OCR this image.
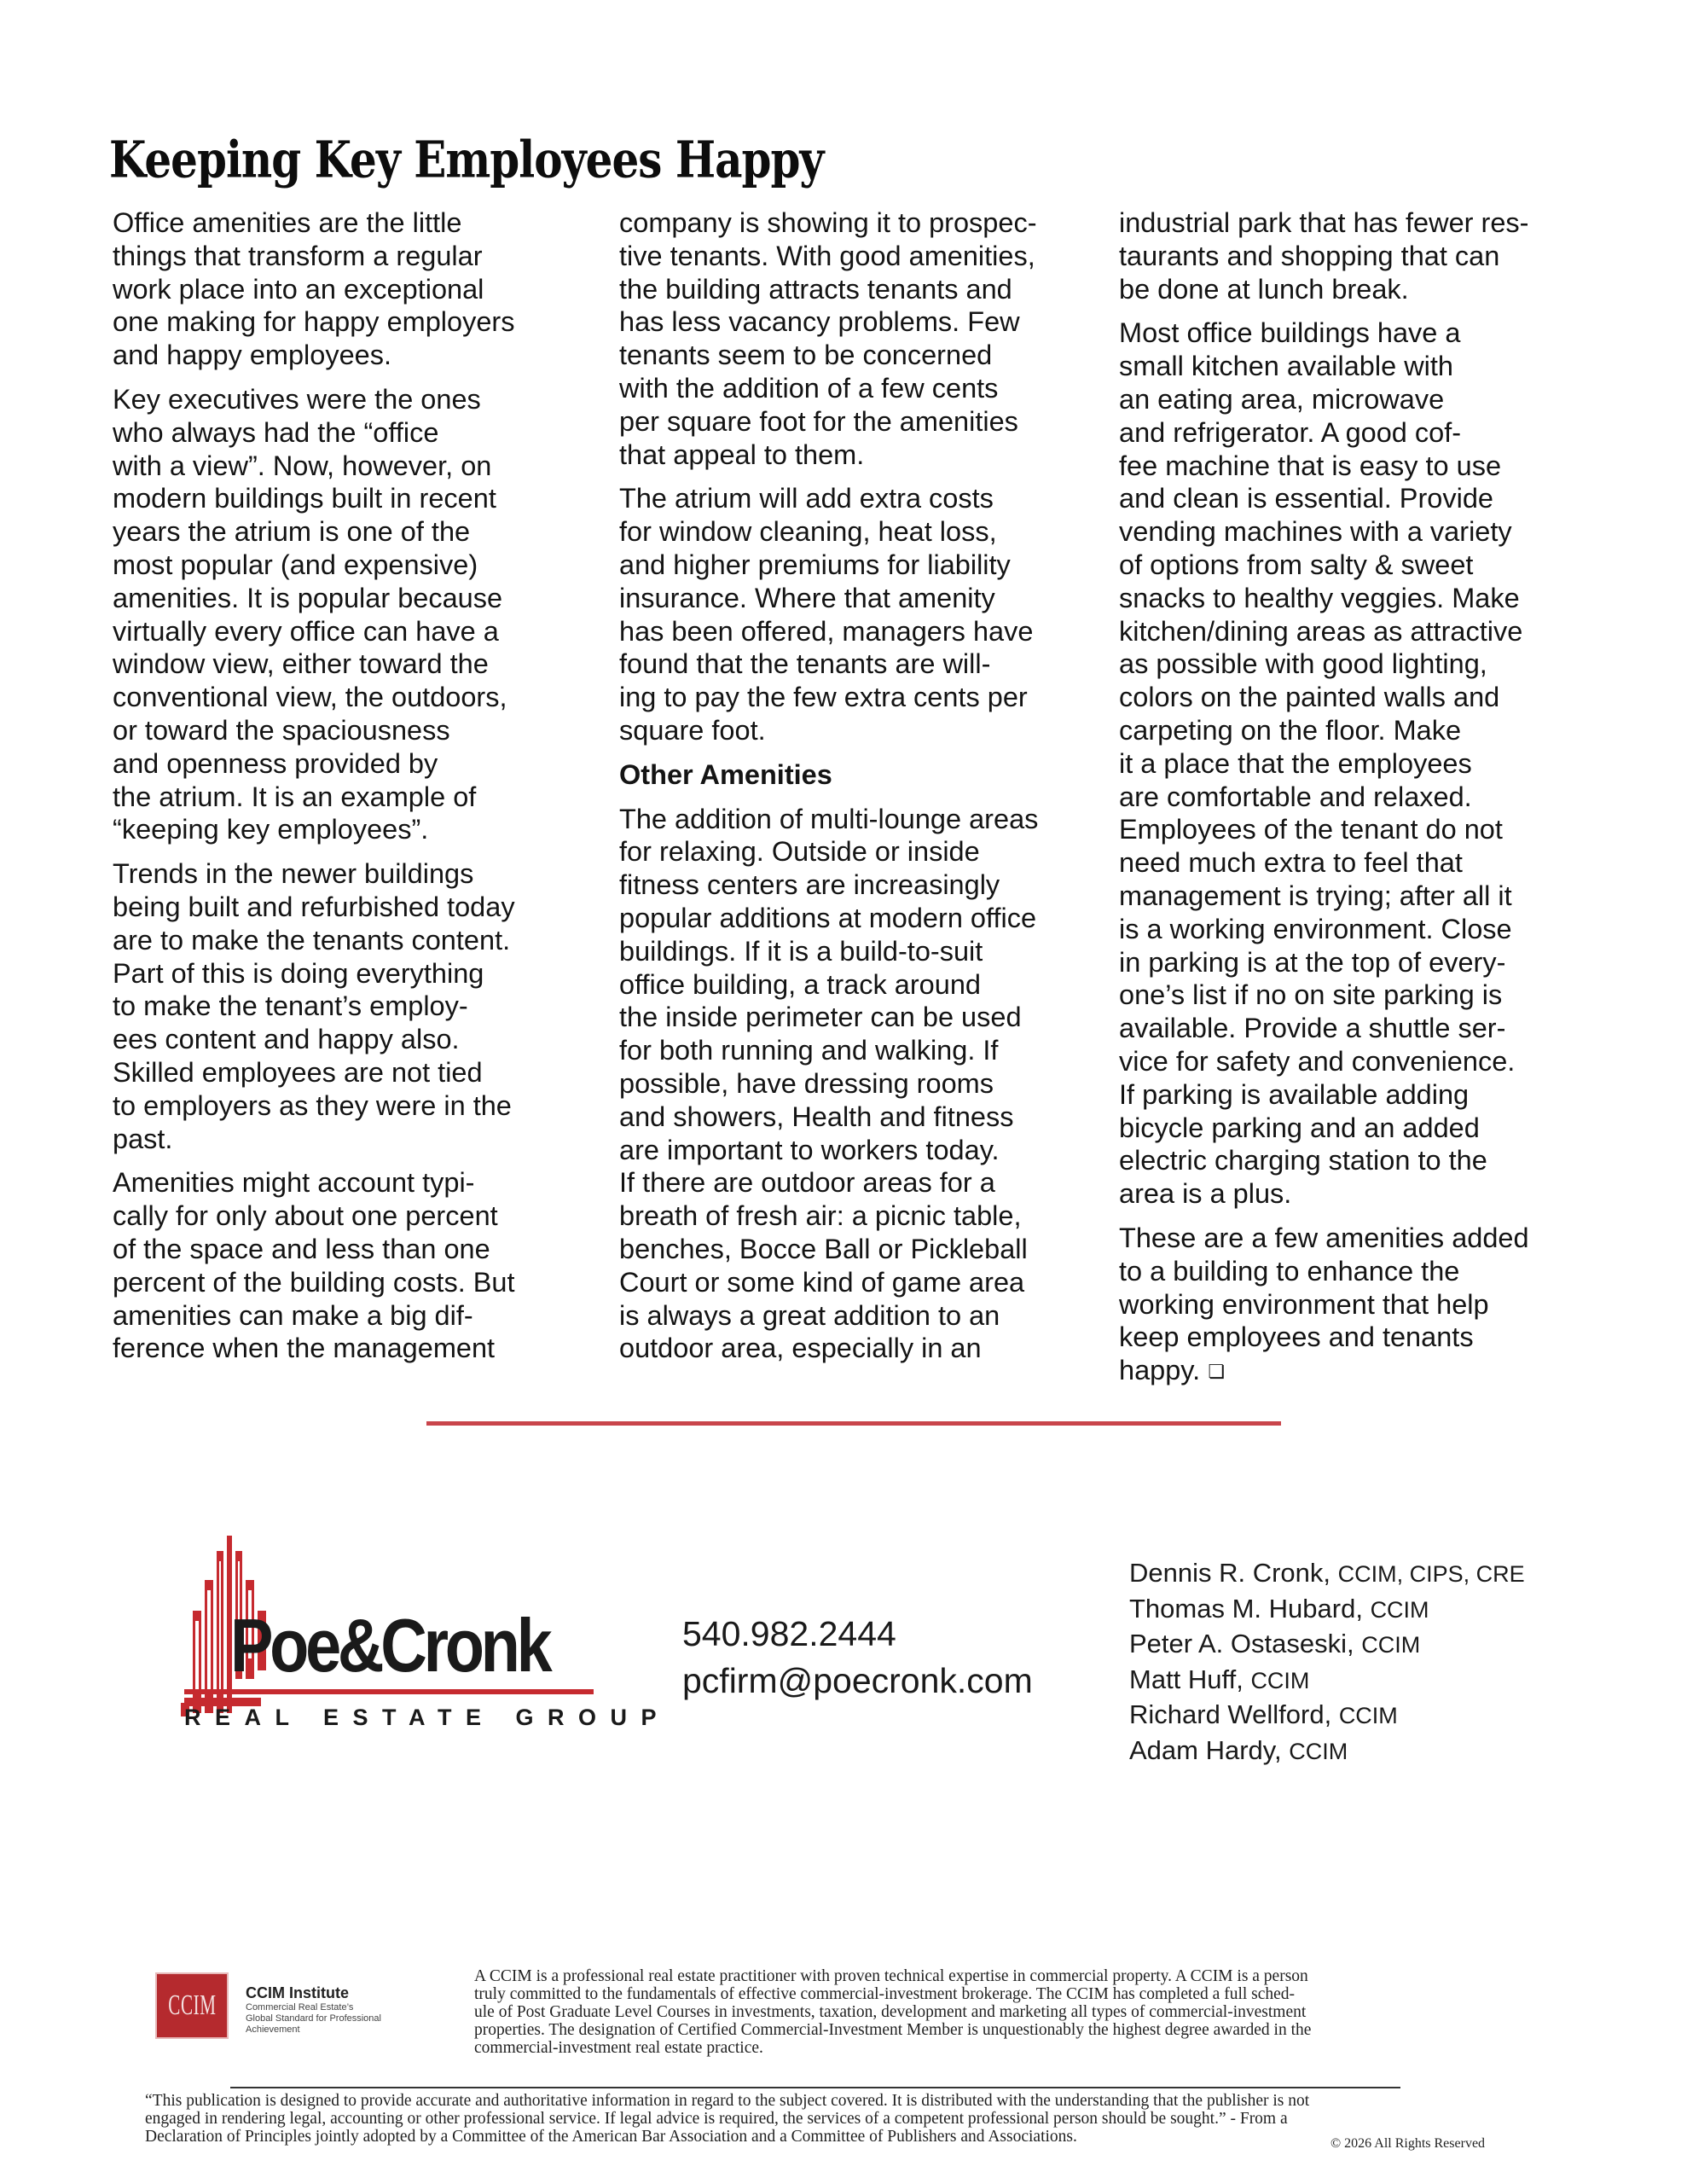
Keeping Key Employees Happy

Office amenities are the little
things that transform a regular
work place into an exceptional
one making for happy employers
and happy employees.

Key executives were the ones
who always had the “office
with a view”. Now, however, on
modern buildings built in recent
years the atrium is one of the
most popular (and expensive)
amenities. It is popular because
virtually every office can have a
window view, either toward the
conventional view, the outdoors,
or toward the spaciousness
and openness provided by
the atrium. It is an example of
“keeping key employees”.

Trends in the newer buildings
being built and refurbished today
are to make the tenants content.
Part of this is doing everything
to make the tenant’s employ-
ees content and happy also.
Skilled employees are not tied
to employers as they were in the
past.

Amenities might account typi-
cally for only about one percent
of the space and less than one
percent of the building costs. But
amenities can make a big dif-
ference when the management

company is showing it to prospec-
tive tenants. With good amenities,
the building attracts tenants and
has less vacancy problems. Few
tenants seem to be concerned
with the addition of a few cents
per square foot for the amenities
that appeal to them.

The atrium will add extra costs
for window cleaning, heat loss,
and higher premiums for liability
insurance. Where that amenity
has been offered, managers have
found that the tenants are will-
ing to pay the few extra cents per
square foot.

Other Amenities

The addition of multi-lounge areas
for relaxing. Outside or inside
fitness centers are increasingly
popular additions at modern office
buildings. If it is a build-to-suit
office building, a track around
the inside perimeter can be used
for both running and walking. If
possible, have dressing rooms
and showers, Health and fitness
are important to workers today.
If there are outdoor areas for a
breath of fresh air: a picnic table,
benches, Bocce Ball or Pickleball
Court or some kind of game area
is always a great addition to an
outdoor area, especially in an

industrial park that has fewer res-
taurants and shopping that can
be done at lunch break.

Most office buildings have a
small kitchen available with
an eating area, microwave
and refrigerator. A good cof-
fee machine that is easy to use
and clean is essential. Provide
vending machines with a variety
of options from salty & sweet
snacks to healthy veggies. Make
kitchen/dining areas as attractive
as possible with good lighting,
colors on the painted walls and
carpeting on the floor. Make
it a place that the employees
are comfortable and relaxed.
Employees of the tenant do not
need much extra to feel that
management is trying; after all it
is a working environment. Close
in parking is at the top of every-
one’s list if no on site parking is
available. Provide a shuttle ser-
vice for safety and convenience.
If parking is available adding
bicycle parking and an added
electric charging station to the
area is a plus.

These are a few amenities added
to a building to enhance the
working environment that help
keep employees and tenants
happy. ❏

Poe&Cronk
REAL ESTATE GROUP
540.982.2444
pcfirm@poecronk.com
Dennis R. Cronk, CCIM, CIPS, CRE
Thomas M. Hubard, CCIM
Peter A. Ostaseski, CCIM
Matt Huff, CCIM
Richard Wellford, CCIM
Adam Hardy, CCIM
CCIM CCIM Institute
Commercial Real Estate’s
Global Standard for Professional Achievement
A CCIM is a professional real estate practitioner with proven technical expertise in commercial property. A CCIM is a person
truly committed to the fundamentals of effective commercial-investment brokerage. The CCIM has completed a full sched-
ule of Post Graduate Level Courses in investments, taxation, development and marketing all types of commercial-investment
properties. The designation of Certified Commercial-Investment Member is unquestionably the highest degree awarded in the
commercial-investment real estate practice.
“This publication is designed to provide accurate and authoritative information in regard to the subject covered. It is distributed with the understanding that the publisher is not
engaged in rendering legal, accounting or other professional service. If legal advice is required, the services of a competent professional person should be sought.” - From a
Declaration of Principles jointly adopted by a Committee of the American Bar Association and a Committee of Publishers and Associations.	© 2026 All Rights Reserved
